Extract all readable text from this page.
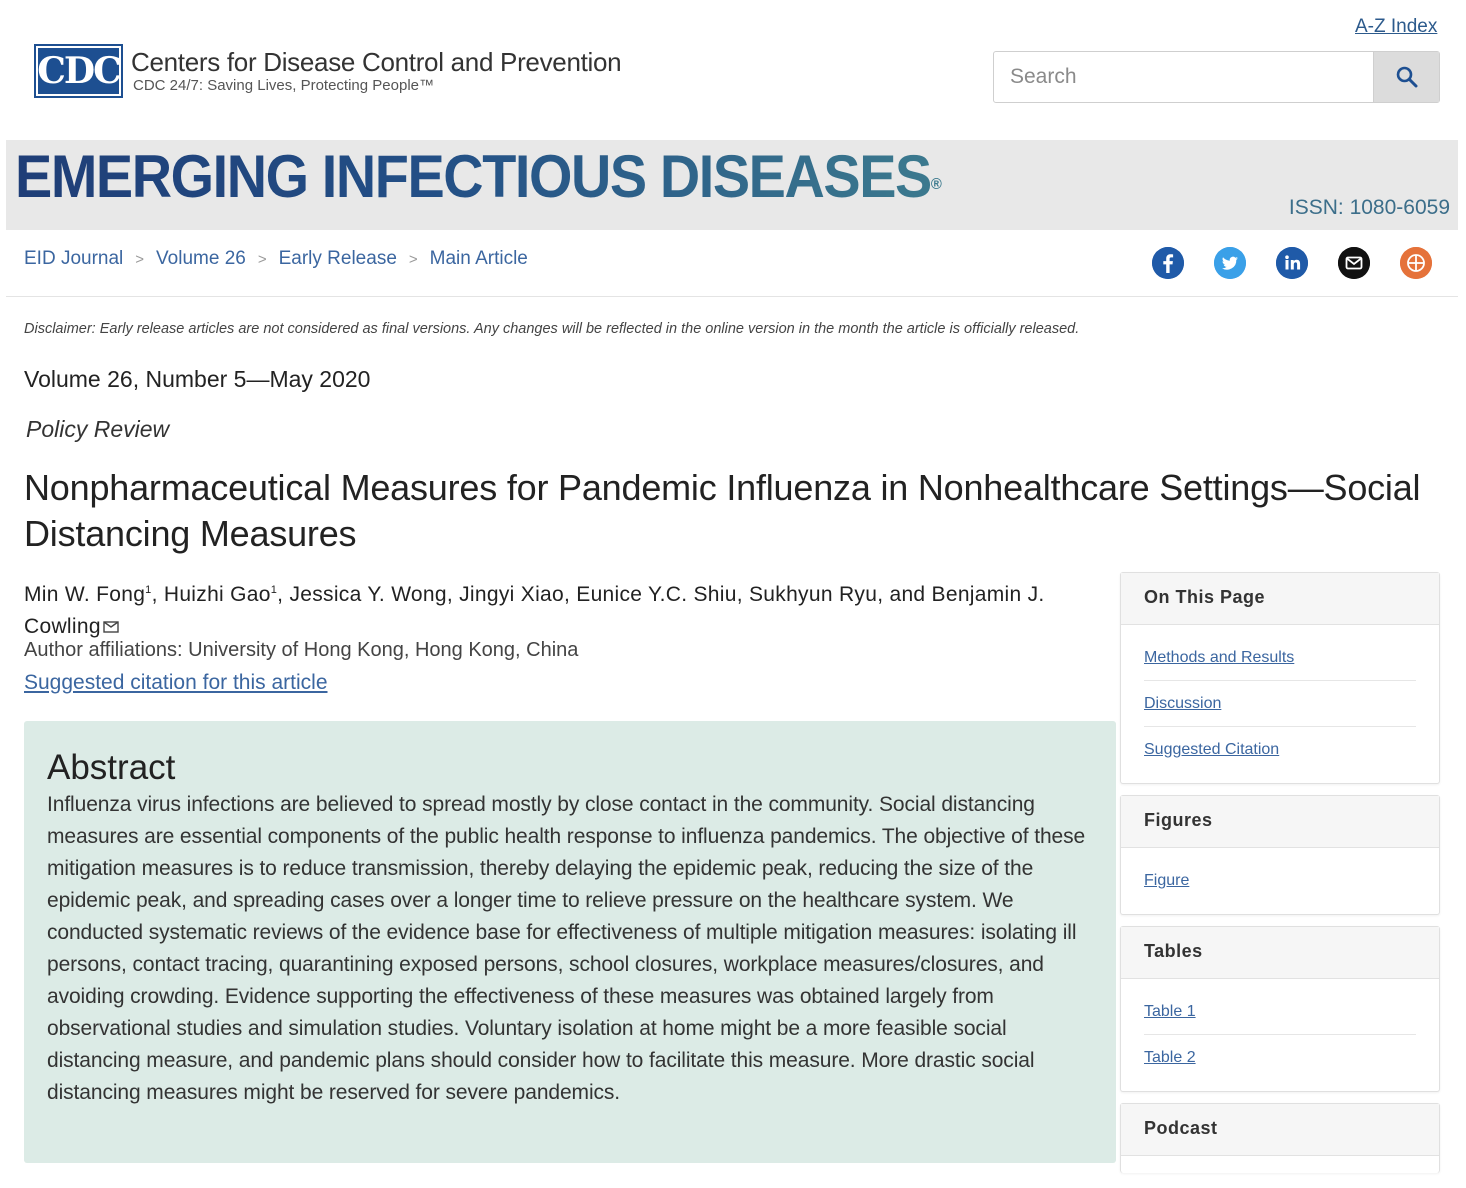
A-Z Index
CDC Centers for Disease Control and Prevention
CDC 24/7: Saving Lives, Protecting People™
Search
EMERGING INFECTIOUS DISEASES®
ISSN: 1080-6059
EID Journal > Volume 26 > Early Release > Main Article
Disclaimer: Early release articles are not considered as final versions. Any changes will be reflected in the online version in the month the article is officially released.
Volume 26, Number 5—May 2020
Policy Review
Nonpharmaceutical Measures for Pandemic Influenza in Nonhealthcare Settings—Social Distancing Measures
Min W. Fong$^1$, Huizhi Gao$^1$, Jessica Y. Wong, Jingyi Xiao, Eunice Y.C. Shiu, Sukhyun Ryu, and Benjamin J. Cowling
Author affiliations: University of Hong Kong, Hong Kong, China
Suggested citation for this article
Abstract

Influenza virus infections are believed to spread mostly by close contact in the community. Social distancing measures are essential components of the public health response to influenza pandemics. The objective of these mitigation measures is to reduce transmission, thereby delaying the epidemic peak, reducing the size of the epidemic peak, and spreading cases over a longer time to relieve pressure on the healthcare system. We conducted systematic reviews of the evidence base for effectiveness of multiple mitigation measures: isolating ill persons, contact tracing, quarantining exposed persons, school closures, workplace measures/closures, and avoiding crowding. Evidence supporting the effectiveness of these measures was obtained largely from observational studies and simulation studies. Voluntary isolation at home might be a more feasible social distancing measure, and pandemic plans should consider how to facilitate this measure. More drastic social distancing measures might be reserved for severe pandemics.

On This Page
Methods and Results
Discussion
Suggested Citation
Figures
Figure
Tables
Table 1
Table 2
Podcast
